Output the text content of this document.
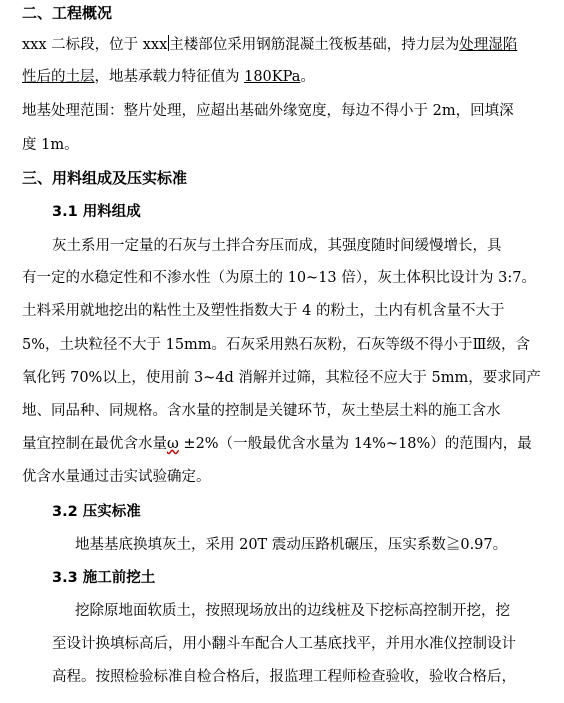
二、工程概况
xxx 二标段，位于 xxx 主楼部位采用钢筋混凝土筏板基础，持力层为处理湿陷
性后的土层，地基承载力特征值为 180KPa。
地基处理范围：整片处理，应超出基础外缘宽度，每边不得小于 2m，回填深
度 1m。
三、用料组成及压实标准
3.1 用料组成
灰土系用一定量的石灰与土拌合夯压而成，其强度随时间缓慢增长，具
有一定的水稳定性和不渗水性（为原土的 10~13 倍），灰土体积比设计为 3:7。
土料采用就地挖出的粘性土及塑性指数大于 4 的粉土，土内有机含量不大于
5%，土块粒径不大于 15mm。石灰采用熟石灰粉，石灰等级不得小于Ⅲ级，含
氧化钙 70%以上，使用前 3~4d 消解并过筛，其粒径不应大于 5mm，要求同产
地、同品种、同规格。含水量的控制是关键环节，灰土垫层土料的施工含水
量宜控制在最优含水量ω ±2%（一般最优含水量为 14%~18%）的范围内，最
优含水量通过击实试验确定。
3.2 压实标准
地基基底换填灰土，采用 20T 震动压路机碾压，压实系数≧0.97。
3.3 施工前挖土
挖除原地面软质土，按照现场放出的边线桩及下挖标高控制开挖，挖
至设计换填标高后，用小翻斗车配合人工基底找平，并用水准仪控制设计
高程。按照检验标准自检合格后，报监理工程师检查验收，验收合格后，
